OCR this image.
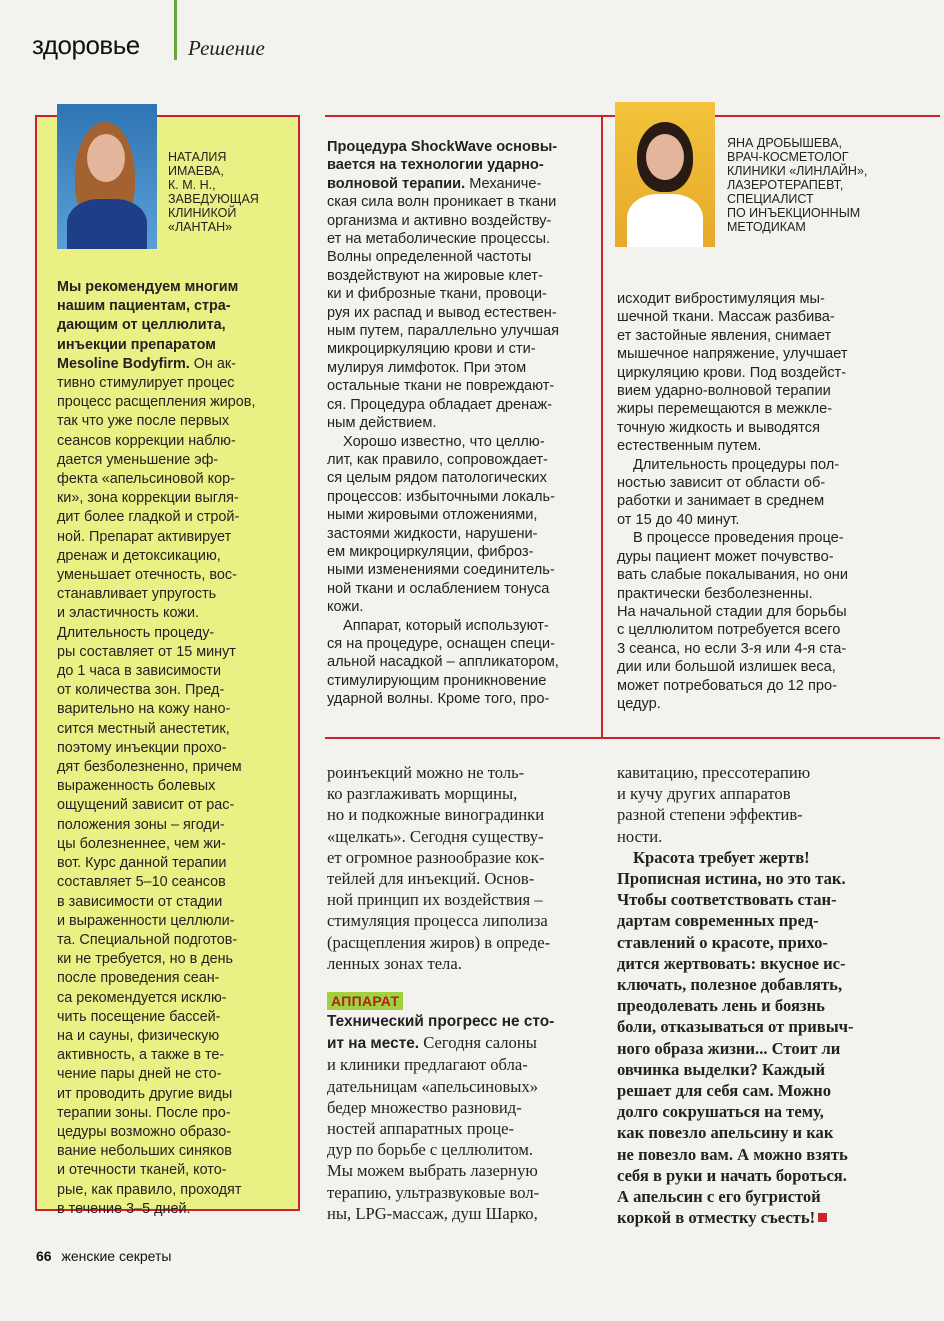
здоровье Решение
НАТАЛИЯ
ИМАЕВА,
К. М. Н.,
ЗАВЕДУЮЩАЯ
КЛИНИКОЙ
«ЛАНТАН»
Мы рекомендуем многим
нашим пациентам, стра-
дающим от целлюлита,
инъекции препаратом
Mesoline Bodyfirm. Он ак-
тивно стимулирует процес
процесс расщепления жиров,
так что уже после первых
сеансов коррекции наблю-
дается уменьшение эф-
фекта «апельсиновой кор-
ки», зона коррекции выгля-
дит более гладкой и строй-
ной. Препарат активирует
дренаж и детоксикацию,
уменьшает отечность, вос-
станавливает упругость
и эластичность кожи.
Длительность процеду-
ры составляет от 15 минут
до 1 часа в зависимости
от количества зон. Пред-
варительно на кожу нано-
сится местный анестетик,
поэтому инъекции прохо-
дят безболезненно, причем
выраженность болевых
ощущений зависит от рас-
положения зоны – ягоди-
цы болезненнее, чем жи-
вот. Курс данной терапии
составляет 5–10 сеансов
в зависимости от стадии
и выраженности целлюли-
та. Специальной подготов-
ки не требуется, но в день
после проведения сеан-
са рекомендуется исклю-
чить посещение бассей-
на и сауны, физическую
активность, а также в те-
чение пары дней не сто-
ит проводить другие виды
терапии зоны. После про-
цедуры возможно образо-
вание небольших синяков
и отечности тканей, кото-
рые, как правило, проходят
в течение 3–5 дней.
ЯНА ДРОБЫШЕВА,
ВРАЧ-КОСМЕТОЛОГ
КЛИНИКИ «ЛИНЛАЙН»,
ЛАЗЕРОТЕРАПЕВТ,
СПЕЦИАЛИСТ
ПО ИНЪЕКЦИОННЫМ
МЕТОДИКАМ
Процедура ShockWave основы-
вается на технологии ударно-
волновой терапии. Механиче-
ская сила волн проникает в ткани
организма и активно воздейству-
ет на метаболические процессы.
Волны определенной частоты
воздействуют на жировые клет-
ки и фиброзные ткани, провоци-
руя их распад и вывод естествен-
ным путем, параллельно улучшая
микроциркуляцию крови и сти-
мулируя лимфоток. При этом
остальные ткани не повреждают-
ся. Процедура обладает дренаж-
ным действием.
Хорошо известно, что целлю-
лит, как правило, сопровождает-
ся целым рядом патологических
процессов: избыточными локаль-
ными жировыми отложениями,
застоями жидкости, нарушени-
ем микроциркуляции, фиброз-
ными изменениями соединитель-
ной ткани и ослаблением тонуса
кожи.
Аппарат, который используют-
ся на процедуре, оснащен специ-
альной насадкой – аппликатором,
стимулирующим проникновение
ударной волны. Кроме того, про-
исходит вибростимуляция мы-
шечной ткани. Массаж разбива-
ет застойные явления, снимает
мышечное напряжение, улучшает
циркуляцию крови. Под воздейст-
вием ударно-волновой терапии
жиры перемещаются в межкле-
точную жидкость и выводятся
естественным путем.
Длительность процедуры пол-
ностью зависит от области об-
работки и занимает в среднем
от 15 до 40 минут.
В процессе проведения проце-
дуры пациент может почувство-
вать слабые покалывания, но они
практически безболезненны.
На начальной стадии для борьбы
с целлюлитом потребуется всего
3 сеанса, но если 3-я или 4-я ста-
дии или большой излишек веса,
может потребоваться до 12 про-
цедур.
роинъекций можно не толь-
ко разглаживать морщины,
но и подкожные виноградинки
«щелкать». Сегодня существу-
ет огромное разнообразие кок-
тейлей для инъекций. Основ-
ной принцип их воздействия –
стимуляция процесса липолиза
(расщепления жиров) в опреде-
ленных зонах тела.
АППАРАТ
Технический прогресс не сто-
ит на месте. Сегодня салоны
и клиники предлагают обла-
дательницам «апельсиновых»
бедер множество разновид-
ностей аппаратных проце-
дур по борьбе с целлюлитом.
Мы можем выбрать лазерную
терапию, ультразвуковые вол-
ны, LPG-массаж, душ Шарко,
кавитацию, прессотерапию
и кучу других аппаратов
разной степени эффектив-
ности.
Красота требует жертв!
Прописная истина, но это так.
Чтобы соответствовать стан-
дартам современных пред-
ставлений о красоте, прихо-
дится жертвовать: вкусное ис-
ключать, полезное добавлять,
преодолевать лень и боязнь
боли, отказываться от привыч-
ного образа жизни... Стоит ли
овчинка выделки? Каждый
решает для себя сам. Можно
долго сокрушаться на тему,
как повезло апельсину и как
не повезло вам. А можно взять
себя в руки и начать бороться.
А апельсин с его бугристой
коркой в отместку съесть!
66 женские секреты
